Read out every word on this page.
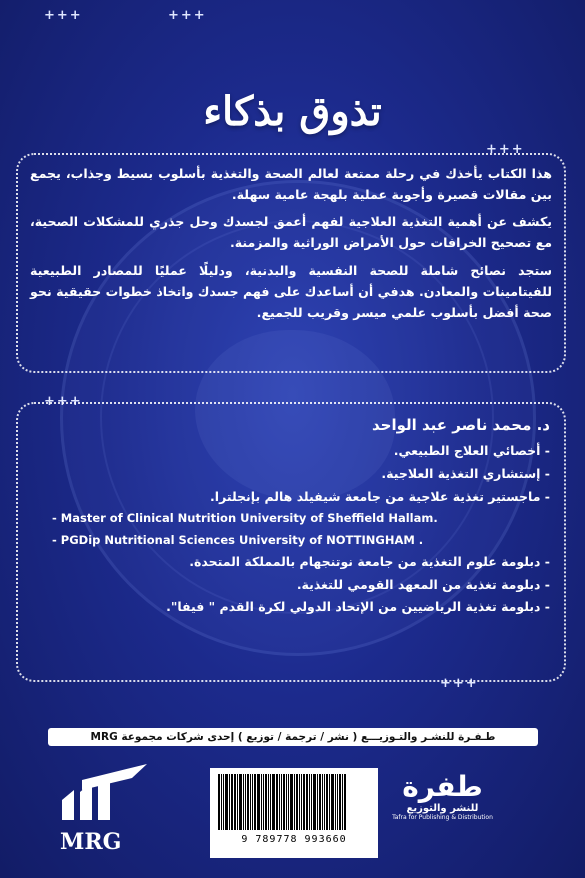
+++	+++
+++
+++
+++
تذوق بذكاء

هذا الكتاب يأخذك في رحلة ممتعة لعالم الصحة والتغذية بأسلوب بسيط وجذاب، يجمع بين مقالات قصيرة وأجوبة عملية بلهجة عامية سهلة.

يكشف عن أهمية التغذية العلاجية لفهم أعمق لجسدك وحل جذري للمشكلات الصحية، مع تصحيح الخرافات حول الأمراض الوراثية والمزمنة.

ستجد نصائح شاملة للصحة النفسية والبدنية، ودليلًا عمليًا للمصادر الطبيعية للفيتامينات والمعادن. هدفي أن أساعدك على فهم جسدك واتخاذ خطوات حقيقية نحو صحة أفضل بأسلوب علمي ميسر وقريب للجميع.

د. محمد ناصر عبد الواحد
- أخصائي العلاج الطبيعي.
- إستشاري التغذية العلاجية.
- ماجستير تغذية علاجية من جامعة شيفيلد هالم بإنجلترا.
- Master of Clinical Nutrition University of Sheffield Hallam.
- PGDip Nutritional Sciences University of NOTTINGHAM .
- دبلومة علوم التغذية من جامعة نوتنجهام بالمملكة المتحدة.
- دبلومة تغذية من المعهد القومي للتغذية.
- دبلومة تغذية الرياضيين من الإتحاد الدولي لكرة القدم " فيفا".
طـفـرة للنشـر والتـوزيـــع ( نشر / ترجمة / توزيع ) إحدى شركات مجموعة MRG
MRG	9 789778 993660
طفرة
للنشر والتوزيع
Tafra for Publishing & Distribution
